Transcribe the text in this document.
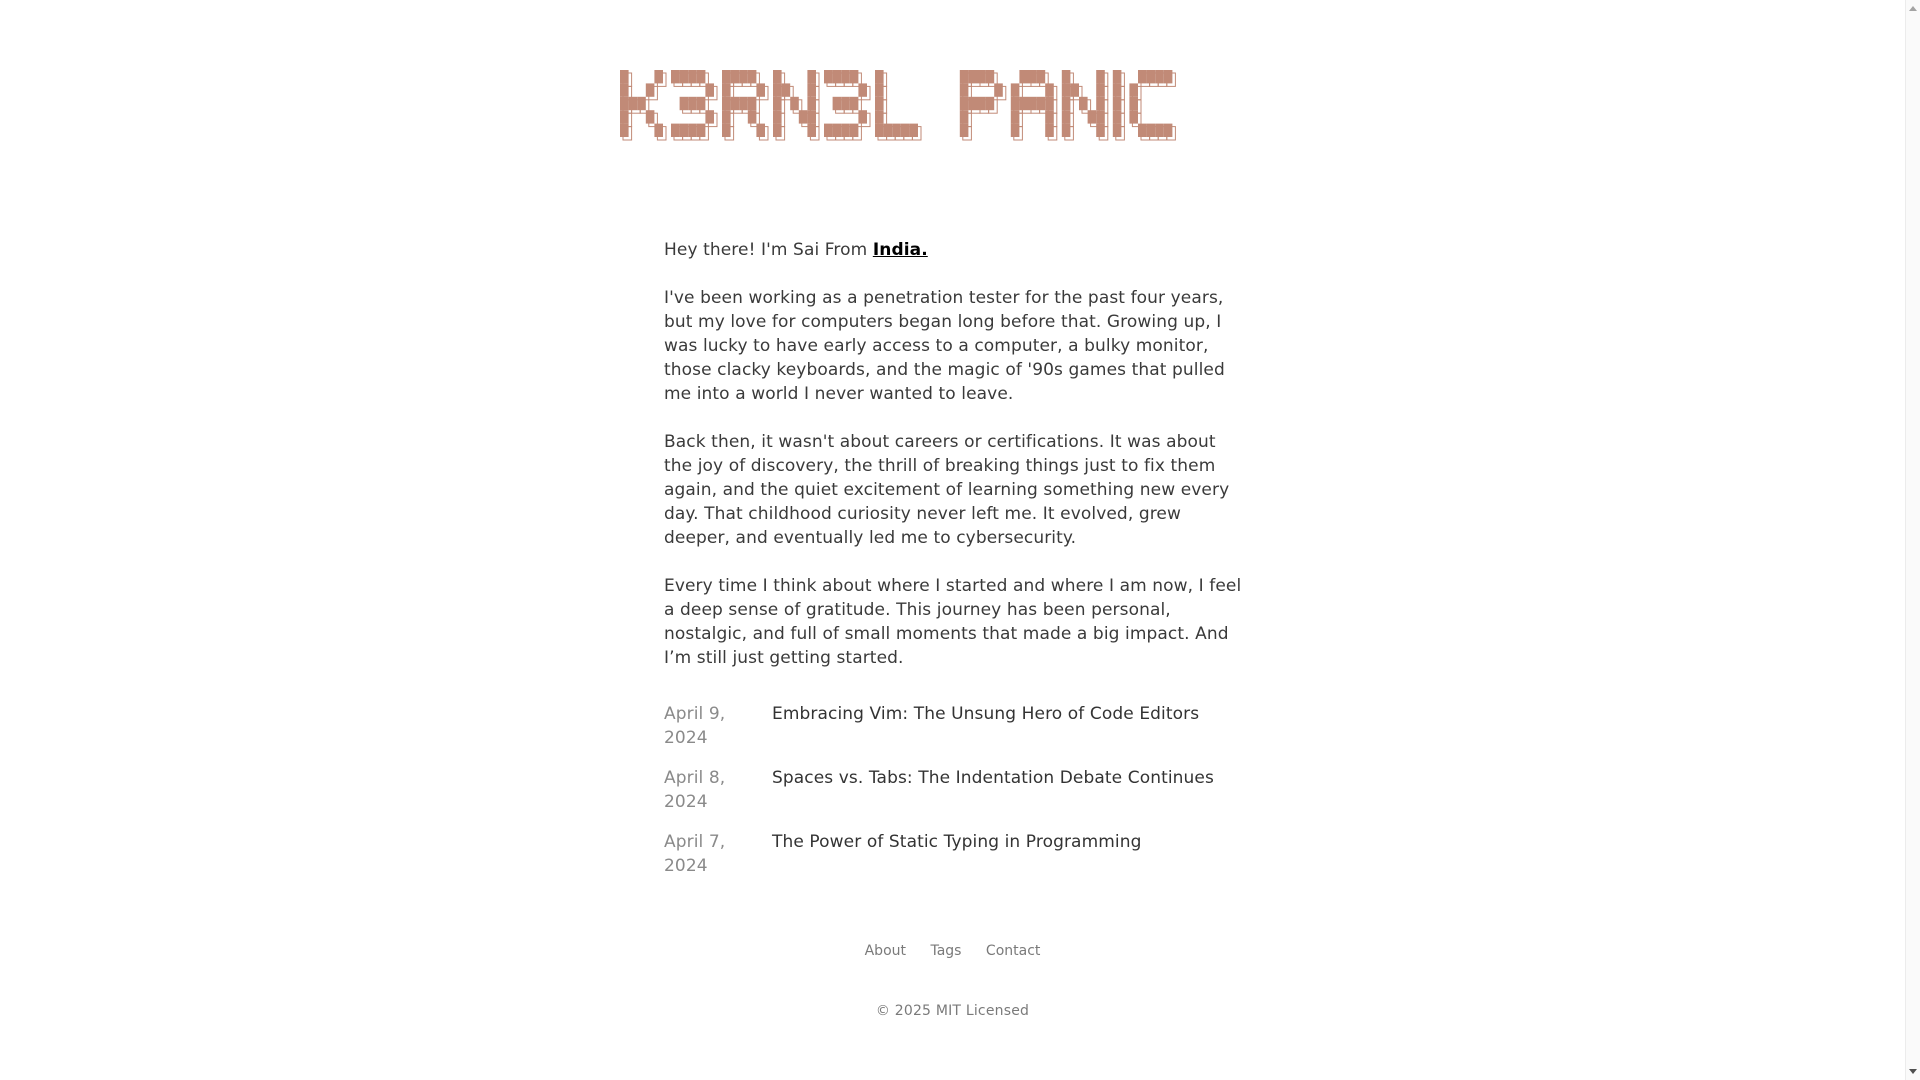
Hey there! I'm Sai From India.

I've been working as a penetration tester for the past four years, but my love for computers began long before that. Growing up, I was lucky to have early access to a computer, a bulky monitor, those clacky keyboards, and the magic of '90s games that pulled me into a world I never wanted to leave.

Back then, it wasn't about careers or certifications. It was about the joy of discovery, the thrill of breaking things just to fix them again, and the quiet excitement of learning something new every day. That childhood curiosity never left me. It evolved, grew deeper, and eventually led me to cybersecurity.

Every time I think about where I started and where I am now, I feel a deep sense of gratitude. This journey has been personal, nostalgic, and full of small moments that made a big impact. And I’m still just getting started.

April 9, 2024
Embracing Vim: The Unsung Hero of Code Editors
April 8, 2024
Spaces vs. Tabs: The Indentation Debate Continues
April 7, 2024
The Power of Static Typing in Programming
About Tags Contact
© 2025 MIT Licensed
